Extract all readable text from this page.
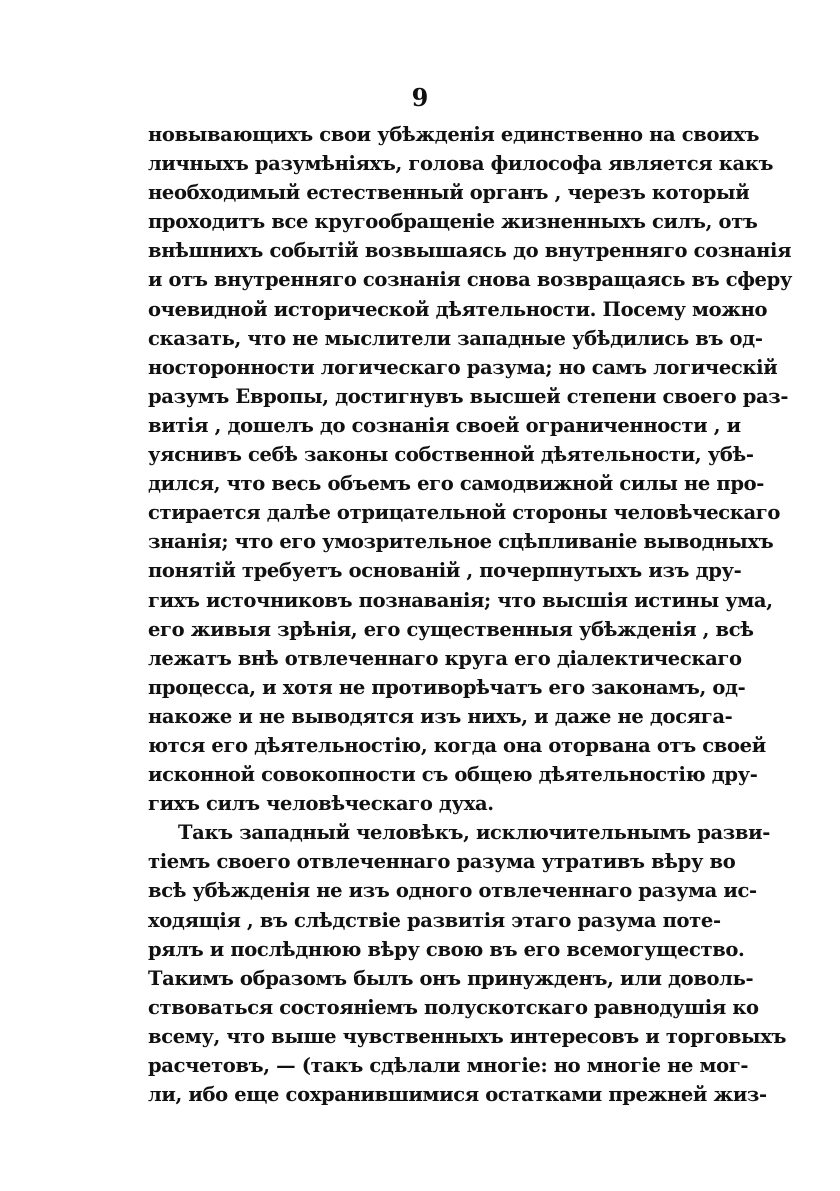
9
новывающихъ свои убѣжденія единственно на своихъ
личныхъ разумѣніяхъ, голова философа является какъ
необходимый естественный органъ , черезъ который
проходитъ все кругообращеніе жизненныхъ силъ, отъ
внѣшнихъ событій возвышаясь до внутренняго сознанія
и отъ внутренняго сознанія снова возвращаясь въ сферу
очевидной исторической дѣятельности. Посему можно
сказать, что не мыслители западные убѣдились въ од-
носторонности логическаго разума; но самъ логическій
разумъ Европы, достигнувъ высшей степени своего раз-
витія , дошелъ до сознанія своей ограниченности , и
уяснивъ себѣ законы собственной дѣятельности, убѣ-
дился, что весь объемъ его самодвижной силы не про-
стирается далѣе отрицательной стороны человѣческаго
знанія; что его умозрительное сцѣпливаніе выводныхъ
понятій требуетъ основаній , почерпнутыхъ изъ дру-
гихъ источниковъ познаванія; что высшія истины ума,
его живыя зрѣнія, его существенныя убѣжденія , всѣ
лежатъ внѣ отвлеченнаго круга его діалектическаго
процесса, и хотя не противорѣчатъ его законамъ, од-
накоже и не выводятся изъ нихъ, и даже не досяга-
ются его дѣятельностію, когда она оторвана отъ своей
исконной совокопности съ общею дѣятельностію дру-
гихъ силъ человѣческаго духа.
Такъ западный человѣкъ, исключительнымъ разви-
тіемъ своего отвлеченнаго разума утративъ вѣру во
всѣ убѣжденія не изъ одного отвлеченнаго разума ис-
ходящія , въ слѣдствіе развитія этаго разума поте-
рялъ и послѣднюю вѣру свою въ его всемогущество.
Такимъ образомъ былъ онъ принужденъ, или доволь-
ствоваться состояніемъ полускотскаго равнодушія ко
всему, что выше чувственныхъ интересовъ и торговыхъ
расчетовъ, — (такъ сдѣлали многіе: но многіе не мог-
ли, ибо еще сохранившимися остатками прежней жиз-
